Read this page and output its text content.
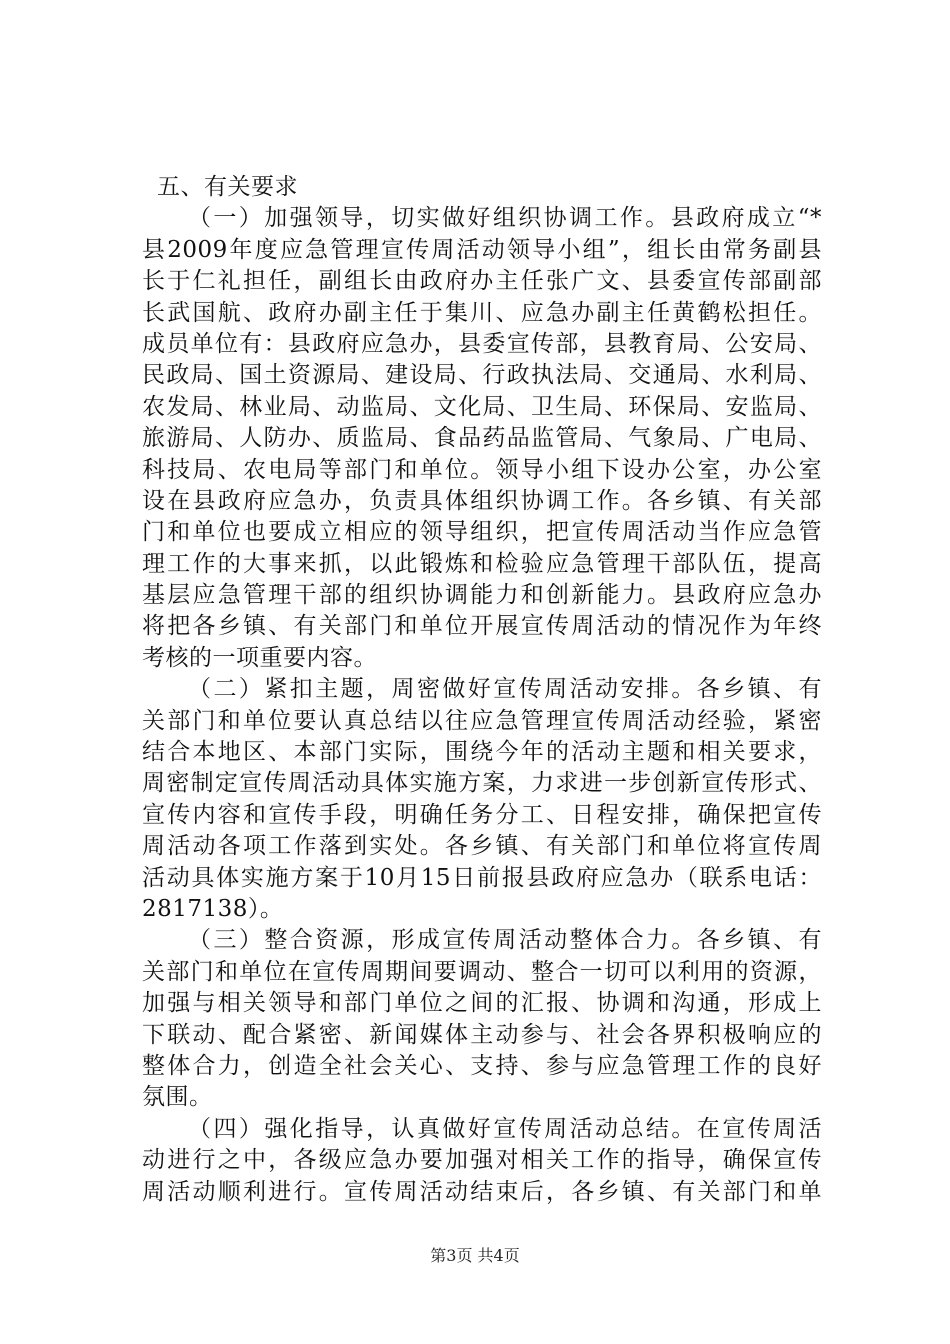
五、有关要求
（一）加强领导，切实做好组织协调工作。县政府成立“*
县2009年度应急管理宣传周活动领导小组”，组长由常务副县
长于仁礼担任，副组长由政府办主任张广文、县委宣传部副部
长武国航、政府办副主任于集川、应急办副主任黄鹤松担任。
成员单位有：县政府应急办，县委宣传部，县教育局、公安局、
民政局、国土资源局、建设局、行政执法局、交通局、水利局、
农发局、林业局、动监局、文化局、卫生局、环保局、安监局、
旅游局、人防办、质监局、食品药品监管局、气象局、广电局、
科技局、农电局等部门和单位。领导小组下设办公室，办公室
设在县政府应急办，负责具体组织协调工作。各乡镇、有关部
门和单位也要成立相应的领导组织，把宣传周活动当作应急管
理工作的大事来抓，以此锻炼和检验应急管理干部队伍，提高
基层应急管理干部的组织协调能力和创新能力。县政府应急办
将把各乡镇、有关部门和单位开展宣传周活动的情况作为年终
考核的一项重要内容。
（二）紧扣主题，周密做好宣传周活动安排。各乡镇、有
关部门和单位要认真总结以往应急管理宣传周活动经验，紧密
结合本地区、本部门实际，围绕今年的活动主题和相关要求，
周密制定宣传周活动具体实施方案，力求进一步创新宣传形式、
宣传内容和宣传手段，明确任务分工、日程安排，确保把宣传
周活动各项工作落到实处。各乡镇、有关部门和单位将宣传周
活动具体实施方案于10月15日前报县政府应急办（联系电话：
2817138）。
（三）整合资源，形成宣传周活动整体合力。各乡镇、有
关部门和单位在宣传周期间要调动、整合一切可以利用的资源，
加强与相关领导和部门单位之间的汇报、协调和沟通，形成上
下联动、配合紧密、新闻媒体主动参与、社会各界积极响应的
整体合力，创造全社会关心、支持、参与应急管理工作的良好
氛围。
（四）强化指导，认真做好宣传周活动总结。在宣传周活
动进行之中，各级应急办要加强对相关工作的指导，确保宣传
周活动顺利进行。宣传周活动结束后，各乡镇、有关部门和单
第3页 共4页
